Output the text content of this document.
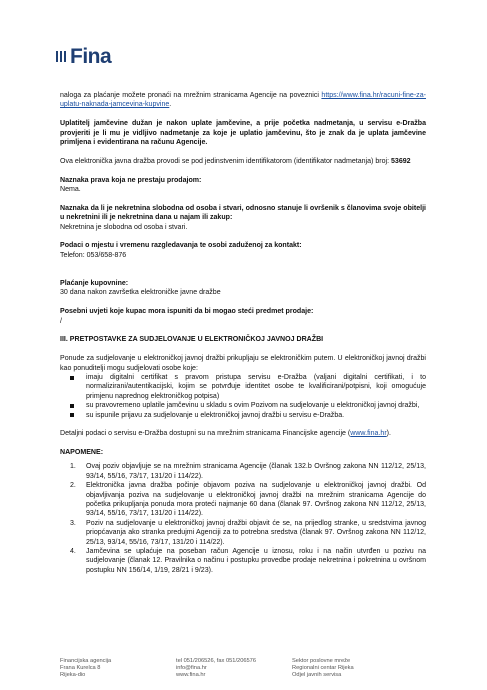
Fina

naloga za plaćanje možete pronaći na mrežnim stranicama Agencije na poveznici https://www.fina.hr/racuni-fine-za-uplatu-naknada-jamcevina-kupvine.

Uplatitelj jamčevine dužan je nakon uplate jamčevine, a prije početka nadmetanja, u servisu e-Dražba provjeriti je li mu je vidljivo nadmetanje za koje je uplatio jamčevinu, što je znak da je uplata jamčevine primljena i evidentirana na računu Agencije.

Ova elektronička javna dražba provodi se pod jedinstvenim identifikatorom (identifikator nadmetanja) broj: 53692

Naznaka prava koja ne prestaju prodajom:

Nema.

Naznaka da li je nekretnina slobodna od osoba i stvari, odnosno stanuje li ovršenik s članovima svoje obitelji u nekretnini ili je nekretnina dana u najam ili zakup:

Nekretnina je slobodna od osoba i stvari.

Podaci o mjestu i vremenu razgledavanja te osobi zaduženoj za kontakt:

Telefon: 053/658-876

Plaćanje kupovnine:

30 dana nakon završetka elektroničke javne dražbe

Posebni uvjeti koje kupac mora ispuniti da bi mogao steći predmet prodaje:

/

III. PRETPOSTAVKE ZA SUDJELOVANJE U ELEKTRONIČKOJ JAVNOJ DRAŽBI

Ponude za sudjelovanje u elektroničkoj javnoj dražbi prikupljaju se elektroničkim putem. U elektroničkoj javnoj dražbi kao ponuditelji mogu sudjelovati osobe koje:

imaju digitalni certifikat s pravom pristupa servisu e-Dražba (valjani digitalni certifikati, i to normalizirani/autentikacijski, kojim se potvrđuje identitet osobe te kvalificirani/potpisni, koji omogućuje primjenu naprednog elektroničkog potpisa)
su pravovremeno uplatile jamčevinu u skladu s ovim Pozivom na sudjelovanje u elektroničkoj javnoj dražbi,
su ispunile prijavu za sudjelovanje u elektroničkoj javnoj dražbi u servisu e-Dražba.

Detaljni podaci o servisu e-Dražba dostupni su na mrežnim stranicama Financijske agencije (www.fina.hr).

NAPOMENE:

1. Ovaj poziv objavljuje se na mrežnim stranicama Agencije (članak 132.b Ovršnog zakona NN 112/12, 25/13, 93/14, 55/16, 73/17, 131/20 i 114/22).
2. Elektronička javna dražba počinje objavom poziva na sudjelovanje u elektroničkoj javnoj dražbi. Od objavljivanja poziva na sudjelovanje u elektroničkoj javnoj dražbi na mrežnim stranicama Agencije do početka prikupljanja ponuda mora proteći najmanje 60 dana (članak 97. Ovršnog zakona NN 112/12, 25/13, 93/14, 55/16, 73/17, 131/20 i 114/22).
3. Poziv na sudjelovanje u elektroničkoj javnoj dražbi objavit će se, na prijedlog stranke, u sredstvima javnog priopćavanja ako stranka predujmi Agenciji za to potrebna sredstva (članak 97. Ovršnog zakona NN 112/12, 25/13, 93/14, 55/16, 73/17, 131/20 i 114/22).
4. Jamčevina se uplaćuje na poseban račun Agencije u iznosu, roku i na način utvrđen u pozivu na sudjelovanje (članak 12. Pravilnika o načinu i postupku provedbe prodaje nekretnina i pokretnina u ovršnom postupku NN 156/14, 1/19, 28/21 i 9/23).
Financijska agencija
Frana Kurelca 8
Rijeka-dio
tel 051/206526, fax 051/206576
info@fina.hr
www.fina.hr
Sektor poslovne mreže
Regionalni centar Rijeka
Odjel javnih servisa
